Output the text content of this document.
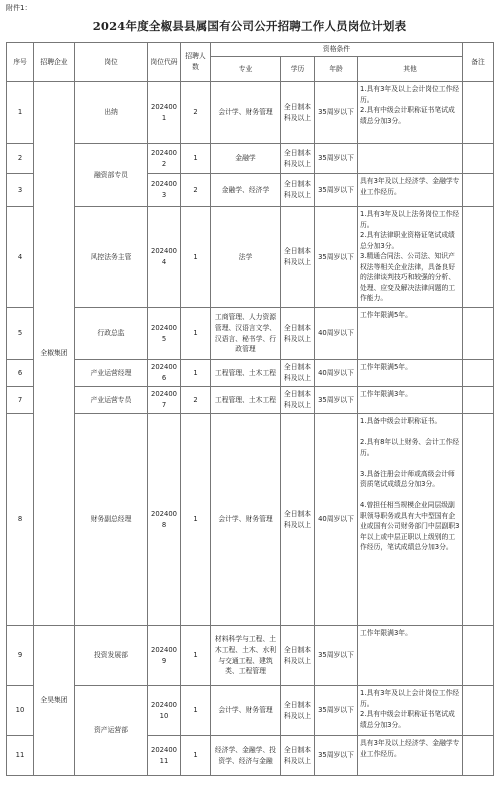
附件1：
2024年度全椒县县属国有公司公开招聘工作人员岗位计划表
序号	招聘企业	岗位	岗位代码	招聘人数	资格条件				备注
					专业	学历	年龄	其他	
1	全椒集团	出纳	2024001	2	会计学、财务管理	全日制本科及以上	35周岁以下	1.具有3年及以上会计岗位工作经历。
2.具有中级会计职称证书笔试成绩总分加3分。	
2		融资部专员	2024002	1	金融学	全日制本科及以上	35周岁以下		
3			2024003	2	金融学、经济学	全日制本科及以上	35周岁以下	具有3年及以上经济学、金融学专业工作经历。	
4		风控法务主管	2024004	1	法学	全日制本科及以上	35周岁以下	1.具有3年及以上法务岗位工作经历。
2.具有法律职业资格证笔试成绩总分加3分。
3.精通合同法、公司法、知识产权法等相关企业法律，具备良好的法律谈判技巧和较强的分析、处理、应变及解决法律问题的工作能力。	
5		行政总监	2024005	1	工商管理、人力资源管理、汉语言文学、汉语言、秘书学、行政管理	全日制本科及以上	40周岁以下	工作年限满5年。	
6		产业运营经理	2024006	1	工程管理、土木工程	全日制本科及以上	40周岁以下	工作年限满5年。	
7		产业运营专员	2024007	2	工程管理、土木工程	全日制本科及以上	35周岁以下	工作年限满3年。	
8		财务副总经理	2024008	1	会计学、财务管理	全日制本科及以上	40周岁以下	1.具备中级会计职称证书。

2.具有8年以上财务、会计工作经历。

3.具备注册会计师或高级会计师资质笔试成绩总分加3分。

4.曾担任相当规模企业同层级副职领导职务或具有大中型国有企业或国有公司财务部门中层副职3年以上或中层正职以上级别的工作经历，笔试成绩总分加3分。	
9	全昊集团	投资发展部	2024009	1	材料科学与工程、土木工程、土木、水利与交通工程、建筑类、工程管理	全日制本科及以上	35周岁以下	工作年限满3年。	
10		资产运营部	20240010	1	会计学、财务管理	全日制本科及以上	35周岁以下	1.具有3年及以上会计岗位工作经历。
2.具有中级会计职称证书笔试成绩总分加3分。	
11			20240011	1	经济学、金融学、投资学、经济与金融	全日制本科及以上	35周岁以下	具有3年及以上经济学、金融学专业工作经历。	
